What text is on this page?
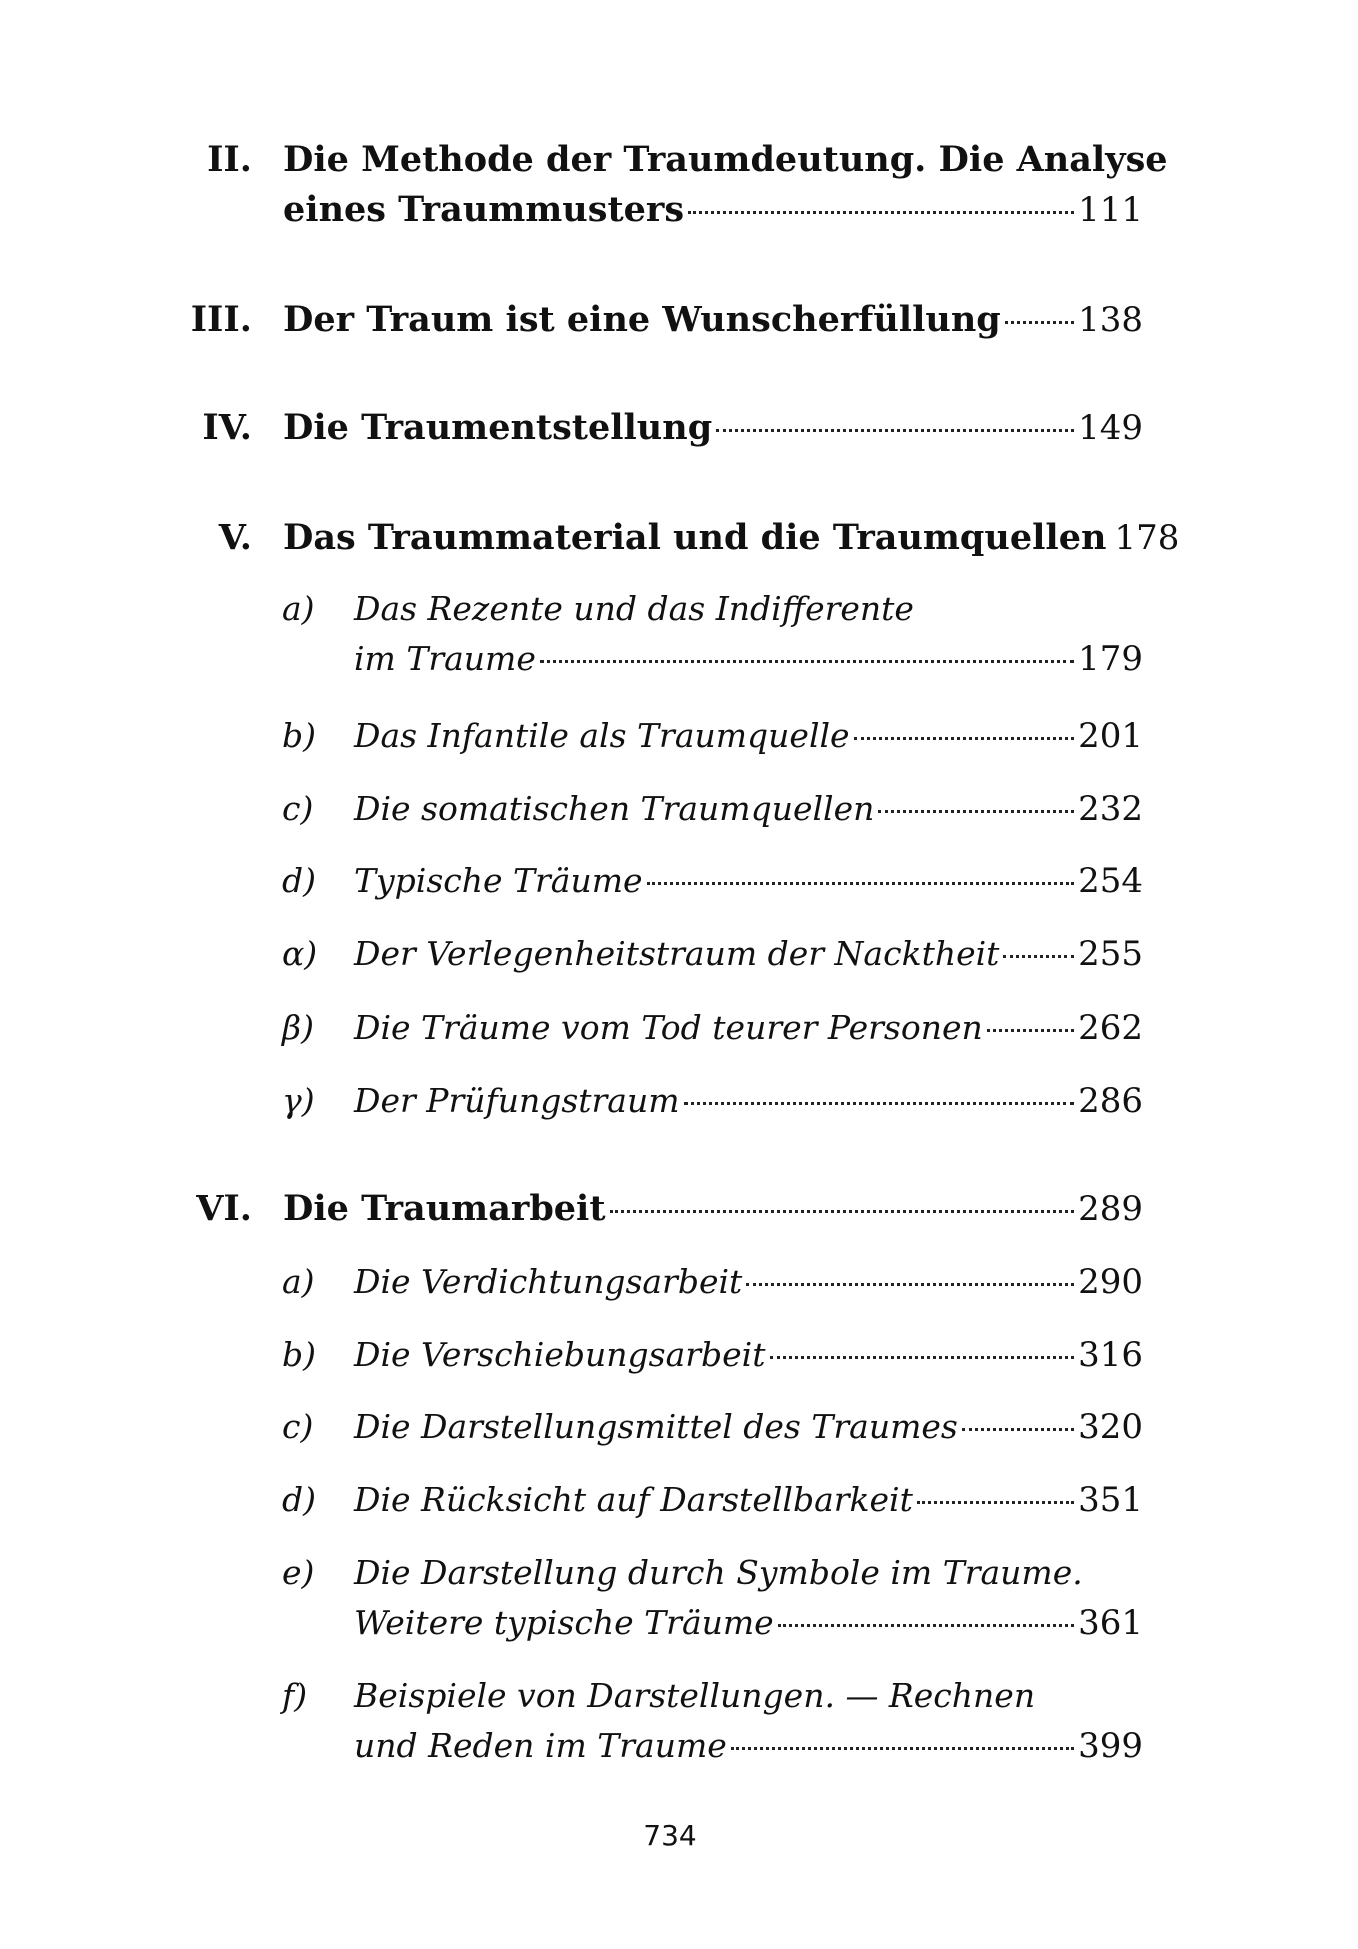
II. Die Methode der Traumdeutung. Die Analyse
eines Traummusters	111
III. Der Traum ist eine Wunscherfüllung 138
IV. Die Traumentstellung	149
V. Das Traummaterial und die Traumquellen 178
a) Das Rezente und das Indifferente
im Traume	179
b) Das Infantile als Traumquelle	201
c) Die somatischen Traumquellen	232
d) Typische Träume	254
α) Der Verlegenheitstraum der Nacktheit 255
β) Die Träume vom Tod teurer Personen	262
γ) Der Prüfungstraum	286
VI. Die Traumarbeit	289
a) Die Verdichtungsarbeit	290
b) Die Verschiebungsarbeit	316
c) Die Darstellungsmittel des Traumes	320
d) Die Rücksicht auf Darstellbarkeit	351
e) Die Darstellung durch Symbole im Traume.
Weitere typische Träume	361
f) Beispiele von Darstellungen. — Rechnen
und Reden im Traume	399
734
